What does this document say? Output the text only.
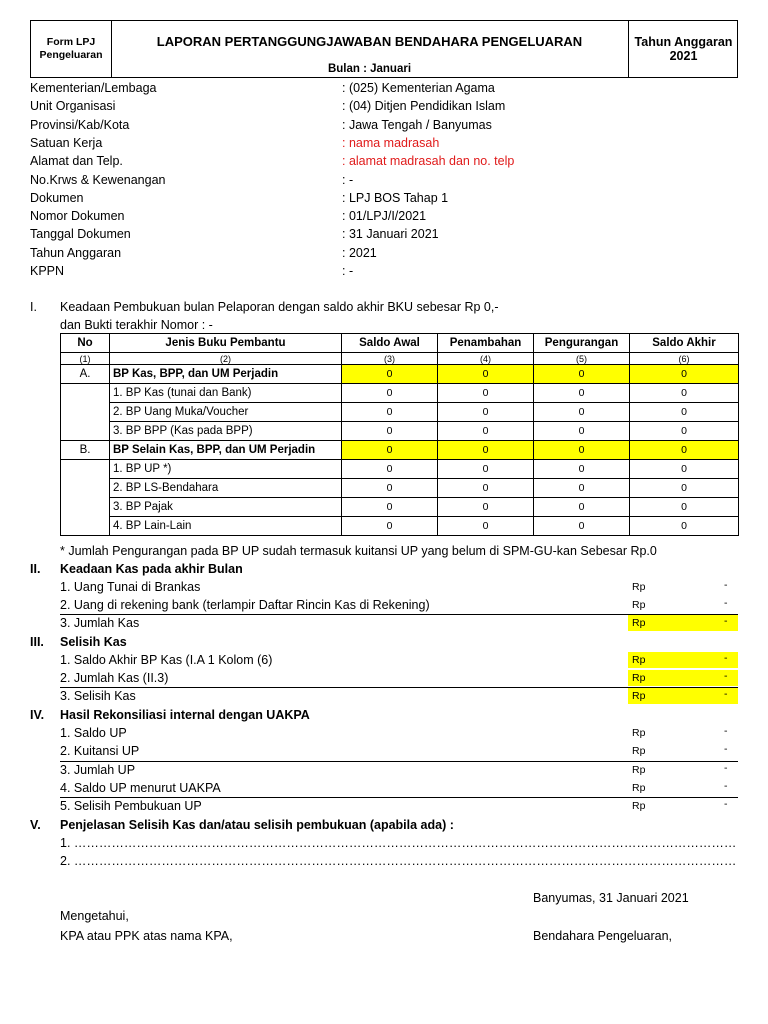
Form LPJ
Pengeluaran
LAPORAN PERTANGGUNGJAWABAN BENDAHARA PENGELUARAN
Bulan : Januari
Tahun Anggaran
2021
Kementerian/Lembaga	: (025) Kementerian Agama
Unit Organisasi	: (04) Ditjen Pendidikan Islam
Provinsi/Kab/Kota	: Jawa Tengah / Banyumas
Satuan Kerja	: nama madrasah
Alamat dan Telp.	: alamat madrasah dan no. telp
No.Krws & Kewenangan	: -
Dokumen	: LPJ BOS Tahap 1
Nomor Dokumen	: 01/LPJ/I/2021
Tanggal Dokumen	: 31 Januari 2021
Tahun Anggaran	: 2021
KPPN	: -
I. Keadaan Pembukuan bulan Pelaporan dengan saldo akhir BKU sebesar Rp 0,-
dan Bukti terakhir Nomor : -
No	Jenis Buku Pembantu	Saldo Awal	Penambahan	Pengurangan	Saldo Akhir
(1)	(2)	(3)	(4)	(5)	(6)
A.	BP Kas, BPP, dan UM Perjadin	0	0	0	0
	1. BP Kas (tunai dan Bank)	0	0	0	0
	2. BP Uang Muka/Voucher	0	0	0	0
	3. BP BPP (Kas pada BPP)	0	0	0	0
B.	BP Selain Kas, BPP, dan UM Perjadin	0	0	0	0
	1. BP UP *)	0	0	0	0
	2. BP LS-Bendahara	0	0	0	0
	3. BP Pajak	0	0	0	0
	4. BP Lain-Lain	0	0	0	0
* Jumlah Pengurangan pada BP UP sudah termasuk kuitansi UP yang belum di SPM-GU-kan Sebesar Rp.0
II. Keadaan Kas pada akhir Bulan
1. Uang Tunai di Brankas	Rp	-
2. Uang di rekening bank (terlampir Daftar Rincin Kas di Rekening)	Rp	-
3. Jumlah Kas	Rp	-
III. Selisih Kas
1. Saldo Akhir BP Kas (I.A 1 Kolom (6)	Rp	-
2. Jumlah Kas (II.3)	Rp	-
3. Selisih Kas	Rp	-
IV. Hasil Rekonsiliasi internal dengan UAKPA
1. Saldo UP	Rp	-
2. Kuitansi UP	Rp	-
3. Jumlah UP	Rp	-
4. Saldo UP menurut UAKPA	Rp	-
5. Selisih Pembukuan UP	Rp	-
V. Penjelasan Selisih Kas dan/atau selisih pembukuan (apabila ada) :
1. ……………………………………………………………………………………………………………………………………………
2. ……………………………………………………………………………………………………………………………………………
Banyumas, 31 Januari 2021
Mengetahui,
KPA atau PPK atas nama KPA,	Bendahara Pengeluaran,
